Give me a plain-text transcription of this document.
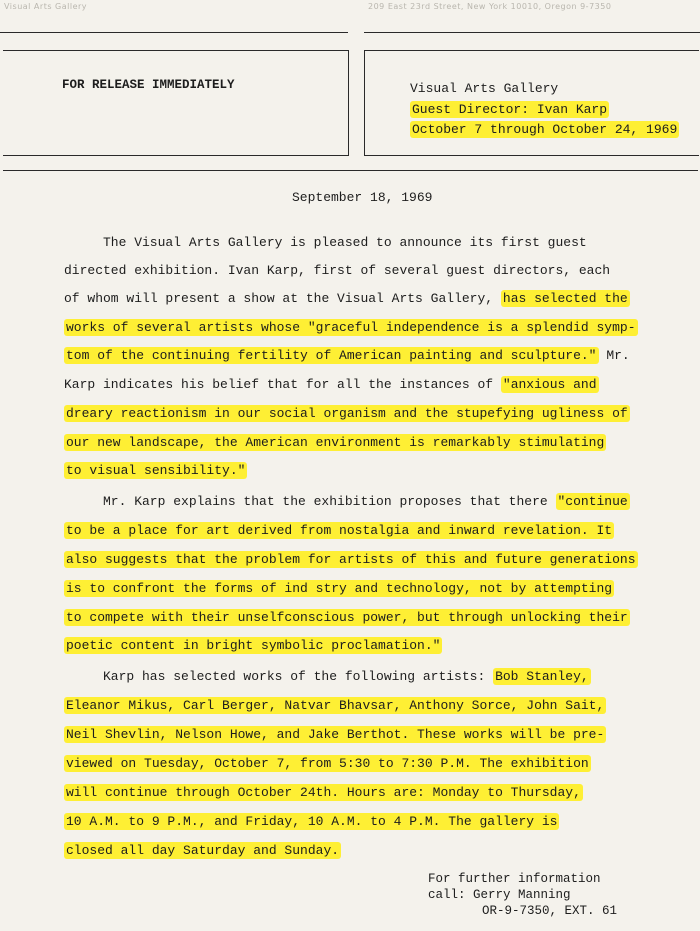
Visual Arts Gallery	209 East 23rd Street, New York 10010, Oregon 9-7350
FOR RELEASE IMMEDIATELY	Visual Arts Gallery
Guest Director: Ivan Karp
October 7 through October 24, 1969
September 18, 1969
The Visual Arts Gallery is pleased to announce its first guest
directed exhibition. Ivan Karp, first of several guest directors, each
of whom will present a show at the Visual Arts Gallery, has selected the
works of several artists whose "graceful independence is a splendid symp-
tom of the continuing fertility of American painting and sculpture." Mr.
Karp indicates his belief that for all the instances of "anxious and
dreary reactionism in our social organism and the stupefying ugliness of
our new landscape, the American environment is remarkably stimulating
to visual sensibility."
Mr. Karp explains that the exhibition proposes that there "continue
to be a place for art derived from nostalgia and inward revelation. It
also suggests that the problem for artists of this and future generations
is to confront the forms of ind stry and technology, not by attempting
to compete with their unselfconscious power, but through unlocking their
poetic content in bright symbolic proclamation."
Karp has selected works of the following artists: Bob Stanley,
Eleanor Mikus, Carl Berger, Natvar Bhavsar, Anthony Sorce, John Sait,
Neil Shevlin, Nelson Howe, and Jake Berthot. These works will be pre-
viewed on Tuesday, October 7, from 5:30 to 7:30 P.M. The exhibition
will continue through October 24th. Hours are: Monday to Thursday,
10 A.M. to 9 P.M., and Friday, 10 A.M. to 4 P.M. The gallery is
closed all day Saturday and Sunday.
For further information
call: Gerry Manning
OR-9-7350, EXT. 61
